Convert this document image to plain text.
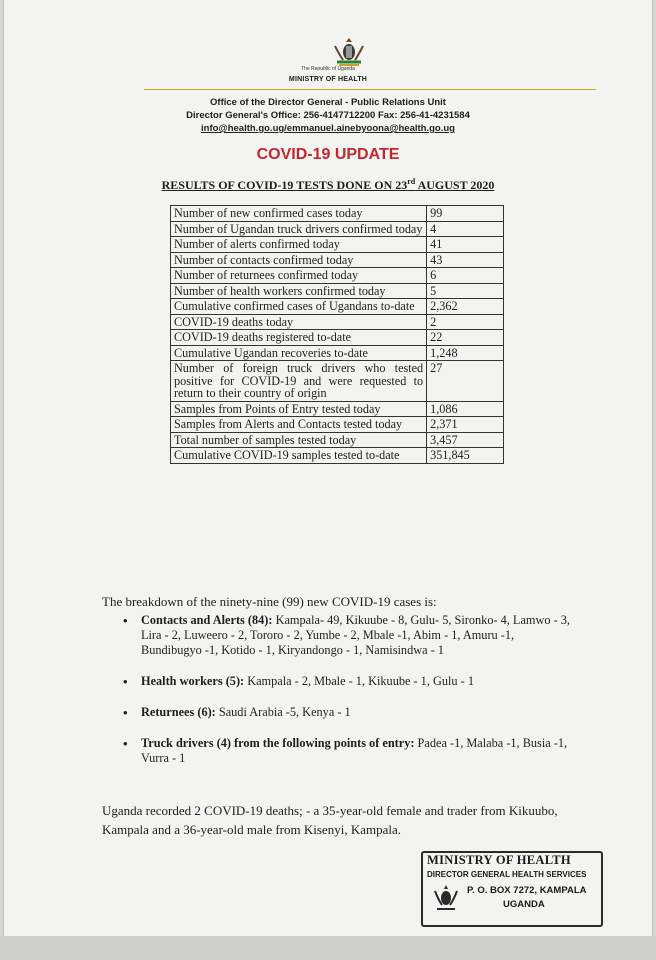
The Republic of Uganda
MINISTRY OF HEALTH
Office of the Director General - Public Relations Unit
Director General's Office: 256-4147712200 Fax: 256-41-4231584
info@health.go.ug/emmanuel.ainebyoona@health.go.ug
COVID-19 UPDATE
RESULTS OF COVID-19 TESTS DONE ON 23rd AUGUST 2020
Number of new confirmed cases today	99
Number of Ugandan truck drivers confirmed today	4
Number of alerts confirmed today	41
Number of contacts confirmed today	43
Number of returnees confirmed today	6
Number of health workers confirmed today	5
Cumulative confirmed cases of Ugandans to-date	2,362
COVID-19 deaths today	2
COVID-19 deaths registered to-date	22
Cumulative Ugandan recoveries to-date	1,248
Number of foreign truck drivers who tested positive for COVID-19 and were requested to return to their country of origin	27
Samples from Points of Entry tested today	1,086
Samples from Alerts and Contacts tested today	2,371
Total number of samples tested today	3,457
Cumulative COVID-19 samples tested to-date	351,845
The breakdown of the ninety-nine (99) new COVID-19 cases is:
• Contacts and Alerts (84): Kampala- 49, Kikuube - 8, Gulu- 5, Sironko- 4, Lamwo - 3, Lira - 2, Luweero - 2, Tororo - 2, Yumbe - 2, Mbale -1, Abim - 1, Amuru -1, Bundibugyo -1, Kotido - 1, Kiryandongo - 1, Namisindwa - 1
• Health workers (5): Kampala - 2, Mbale - 1, Kikuube - 1, Gulu - 1
• Returnees (6): Saudi Arabia -5, Kenya - 1
• Truck drivers (4) from the following points of entry: Padea -1, Malaba -1, Busia -1, Vurra - 1
Uganda recorded 2 COVID-19 deaths; - a 35-year-old female and trader from Kikuubo, Kampala and a 36-year-old male from Kisenyi, Kampala.
MINISTRY OF HEALTH
DIRECTOR GENERAL HEALTH SERVICES
P. O. BOX 7272, KAMPALA
UGANDA
